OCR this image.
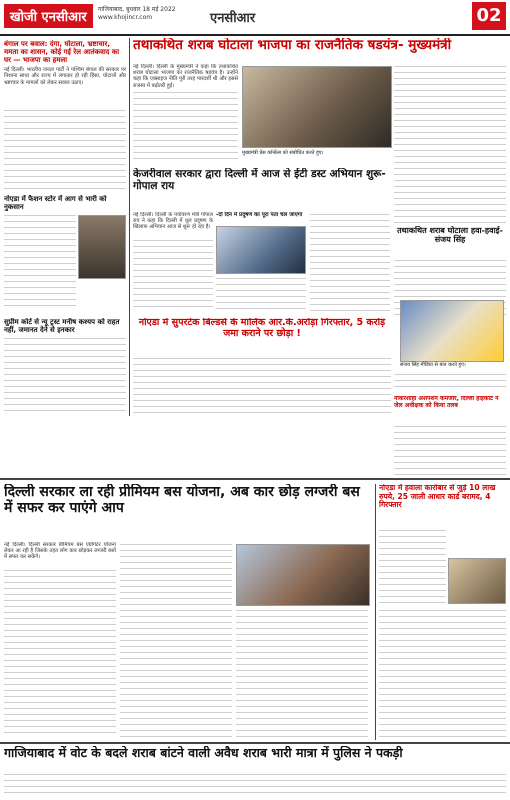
खोजी एनसीआर
गाजियाबाद, बुधवार 18 मई 2022
www.khojincr.com	एनसीआर	02
बंगाल पर बवाल: दंगा, घोटाला, भ्रष्टाचार, ममता का शासन, कोई गई रेल आतंकवाद का घर — भाजपा का हमला
नई दिल्ली। भारतीय जनता पार्टी ने पश्चिम बंगाल की सरकार पर निशाना साधा और राज्य में लगातार हो रही हिंसा, घोटालों और भ्रष्टाचार के मामलों को लेकर सवाल उठाए।
नोएडा में फैशन स्टोर में आग से भारी को नुकसान
सुप्रीम कोर्ट से न्यू ट्रस्ट मनीष कश्यप को राहत नहीं, जमानत देने से इनकार
तथाकथित शराब घोटाला भाजपा का राजनैतिक षडयंत्र- मुख्यमंत्री
नई दिल्ली। दिल्ली के मुख्यमंत्री ने कहा कि तथाकथित शराब घोटाला भाजपा का राजनैतिक षडयंत्र है। उन्होंने कहा कि एक्साइज नीति पूरी तरह पारदर्शी थी और इससे राजस्व में बढ़ोतरी हुई।
मुख्यमंत्री प्रेस कॉन्फ्रेंस को संबोधित करते हुए।
तथाकथित शराब घोटाला हवा-हवाई- संजय सिंह
संजय सिंह मीडिया से बात करते हुए।
केजरीवाल सरकार द्वारा दिल्ली में आज से ईटी डस्ट अभियान शुरू- गोपाल राय
नई दिल्ली। दिल्ली के पर्यावरण मंत्री गोपाल राय ने कहा कि दिल्ली में धूल प्रदूषण के खिलाफ अभियान आज से शुरू हो रहा है।
-दो दिन में प्रदूषण का पूरा पता चल जाएगा
नोएडा में सुपरटेक बिल्डर्स के मालिक आर.के.अरोड़ा गिरफ्तार, 5 करोड़ जमा कराने पर छोड़ा !
नौकरशाही अंशपेंशन कमजोर, दिल्ली हाईकोर्ट ने जेल अधीक्षक को किया तलब
दिल्ली सरकार ला रही प्रीमियम बस योजना, अब कार छोड़ लग्जरी बस में सफर कर पाएंगे आप
नई दिल्ली। दिल्ली सरकार प्रीमियम बस एग्रीगेटर योजना लेकर आ रही है जिसके तहत लोग कार छोड़कर लग्जरी बसों में सफर कर सकेंगे।
नोएडा में हवाला कारोबार से जुड़े 10 लाख रुपये, 25 जाली आधार कार्ड बरामद, 4 गिरफ्तार
गाजियाबाद में वोट के बदले शराब बांटने वाली अवैध शराब भारी मात्रा में पुलिस ने पकड़ी
